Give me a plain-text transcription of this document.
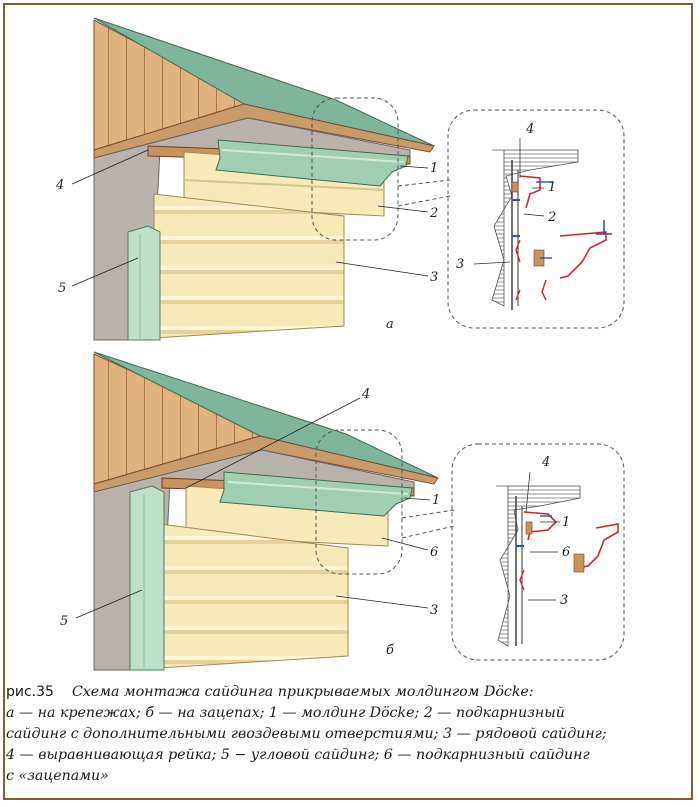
4
1
2
3
5
а
4
1
2
3
4
1
6
3
5
б
4
1
6
3
рис.35 Схема монтажа сайдинга прикрываемых молдингом Döcke:
а — на крепежах; б — на зацепах; 1 — молдинг Döcke; 2 — подкарнизный
сайдинг с дополнительными гвоздевыми отверстиями; 3 — рядовой сайдинг;
4 — выравнивающая рейка; 5 − угловой сайдинг; 6 — подкарнизный сайдинг
с «зацепами»
